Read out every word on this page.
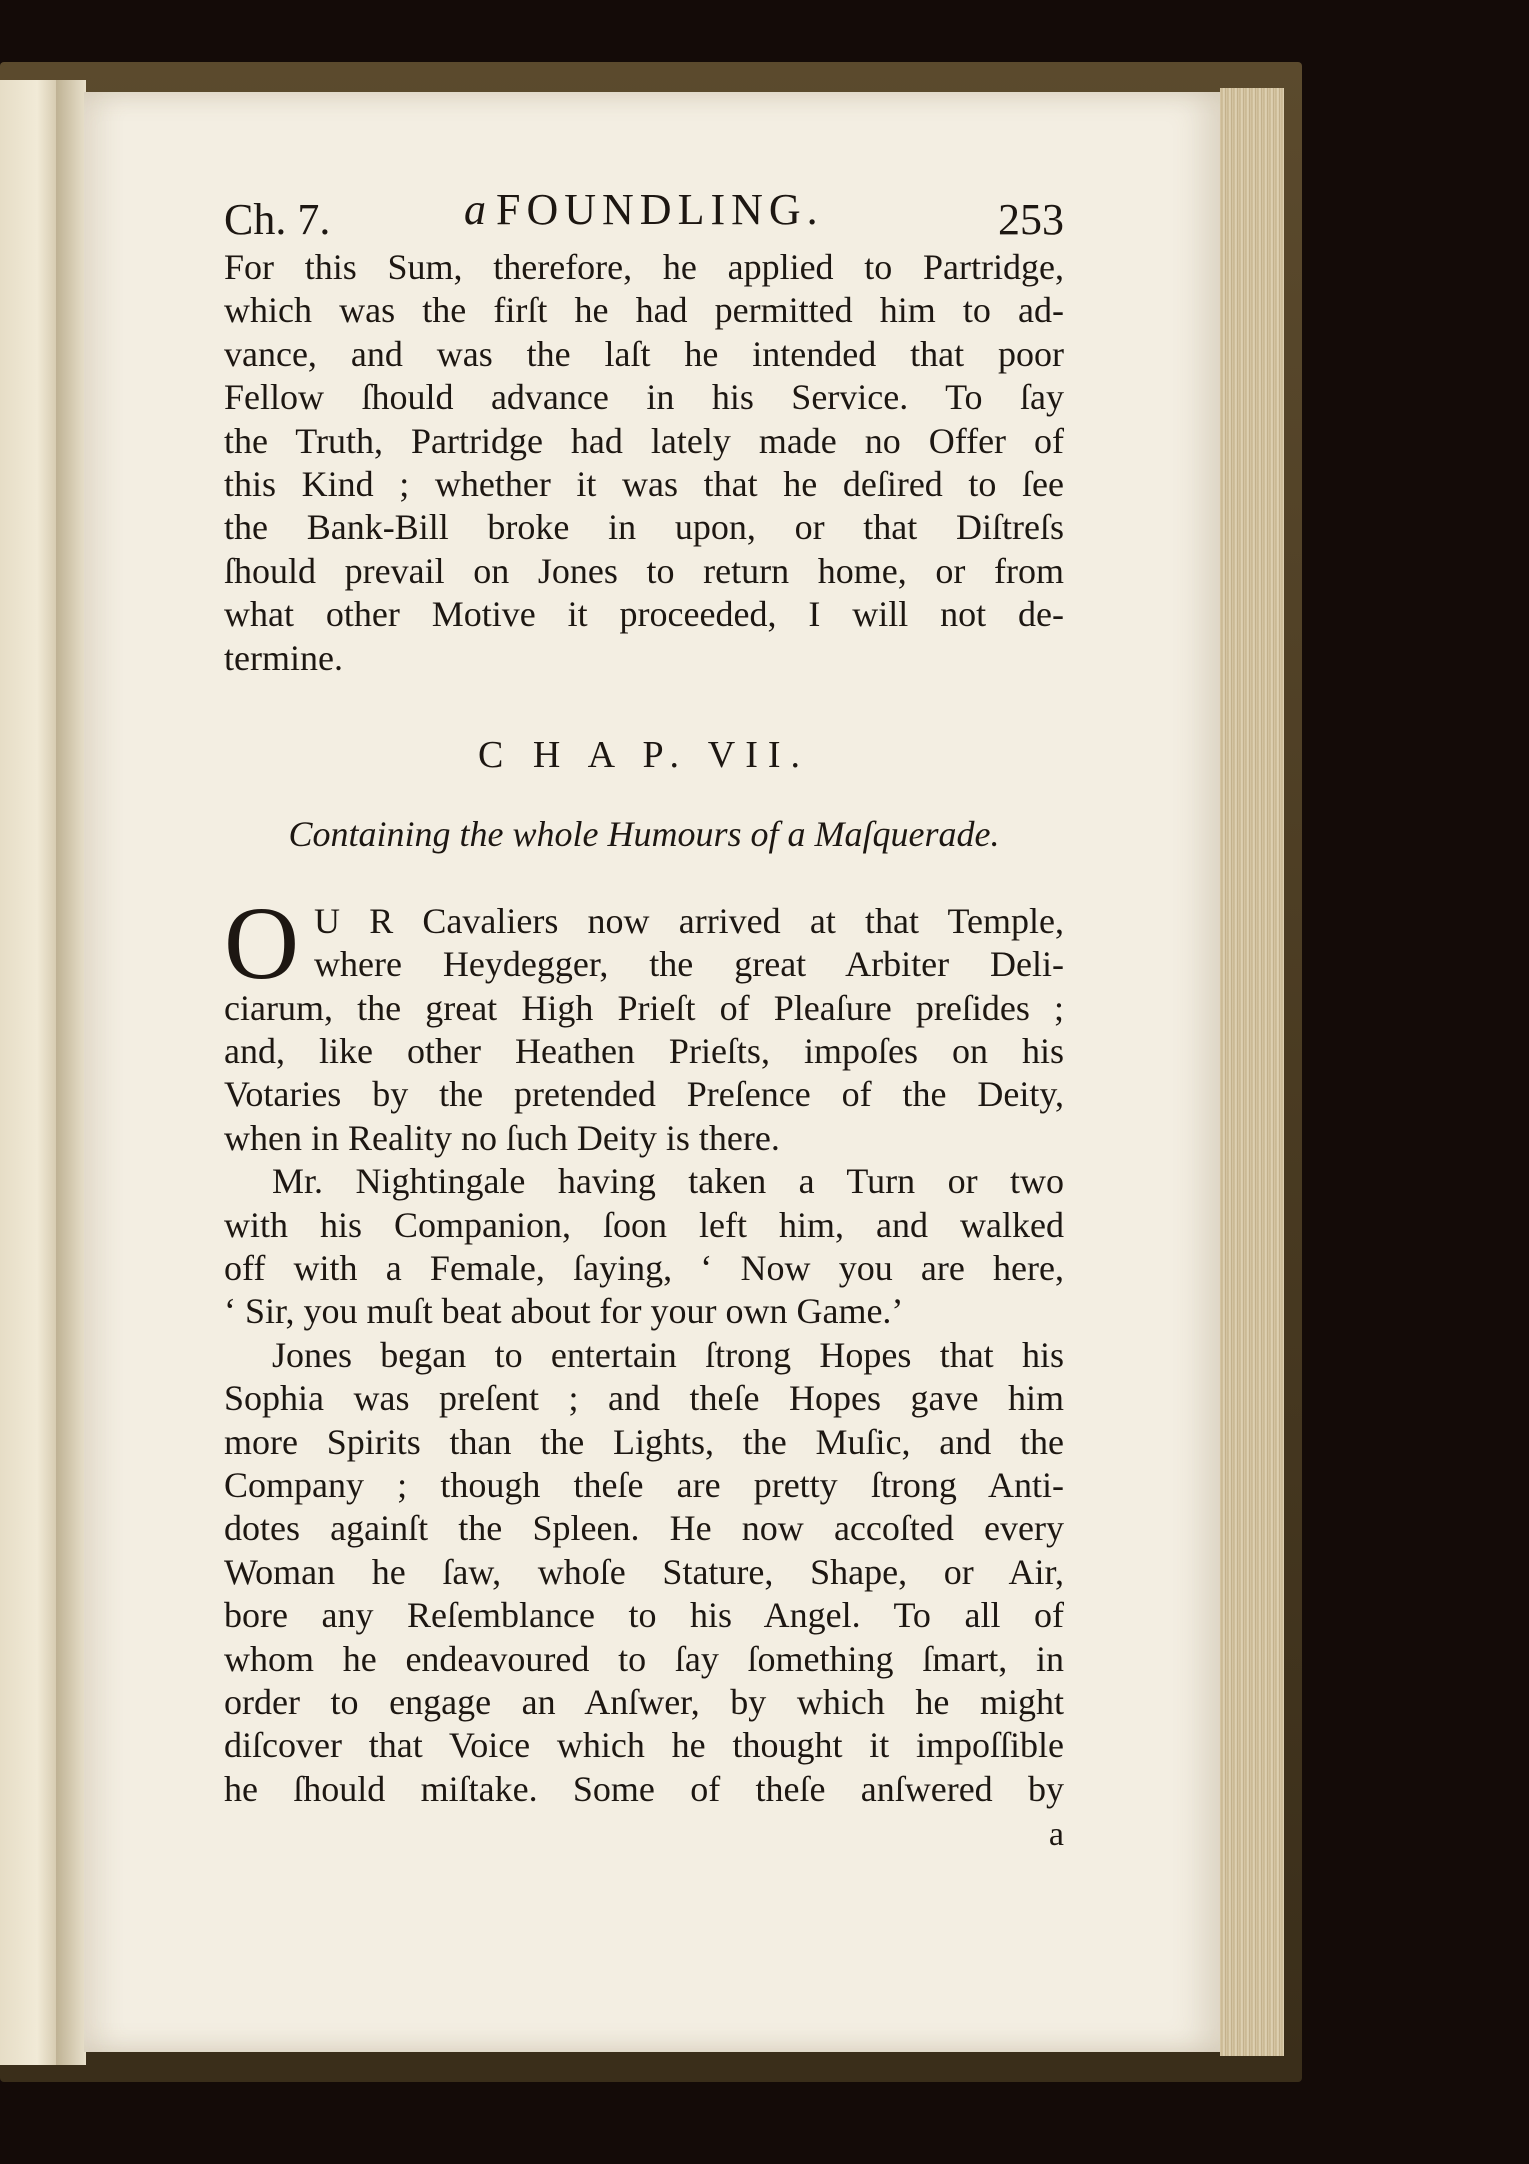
Ch. 7.	a FOUNDLING.	253
For this Sum, therefore, he applied to Partridge,
which was the firſt he had permitted him to ad-
vance, and was the laſt he intended that poor
Fellow ſhould advance in his Service. To ſay
the Truth, Partridge had lately made no Offer of
this Kind ; whether it was that he deſired to ſee
the Bank-Bill broke in upon, or that Diſtreſs
ſhould prevail on Jones to return home, or from
what other Motive it proceeded, I will not de-
termine.
C H A P. VII.
Containing the whole Humours of a Maſquerade.
O U R Cavaliers now arrived at that Temple,
where Heydegger, the great Arbiter Deli-
ciarum, the great High Prieſt of Pleaſure preſides ;
and, like other Heathen Prieſts, impoſes on his
Votaries by the pretended Preſence of the Deity,
when in Reality no ſuch Deity is there.
Mr. Nightingale having taken a Turn or two
with his Companion, ſoon left him, and walked
off with a Female, ſaying, ‘ Now you are here,
‘ Sir, you muſt beat about for your own Game.’
Jones began to entertain ſtrong Hopes that his
Sophia was preſent ; and theſe Hopes gave him
more Spirits than the Lights, the Muſic, and the
Company ; though theſe are pretty ſtrong Anti-
dotes againſt the Spleen. He now accoſted every
Woman he ſaw, whoſe Stature, Shape, or Air,
bore any Reſemblance to his Angel. To all of
whom he endeavoured to ſay ſomething ſmart, in
order to engage an Anſwer, by which he might
diſcover that Voice which he thought it impoſſible
he ſhould miſtake. Some of theſe anſwered by
a
